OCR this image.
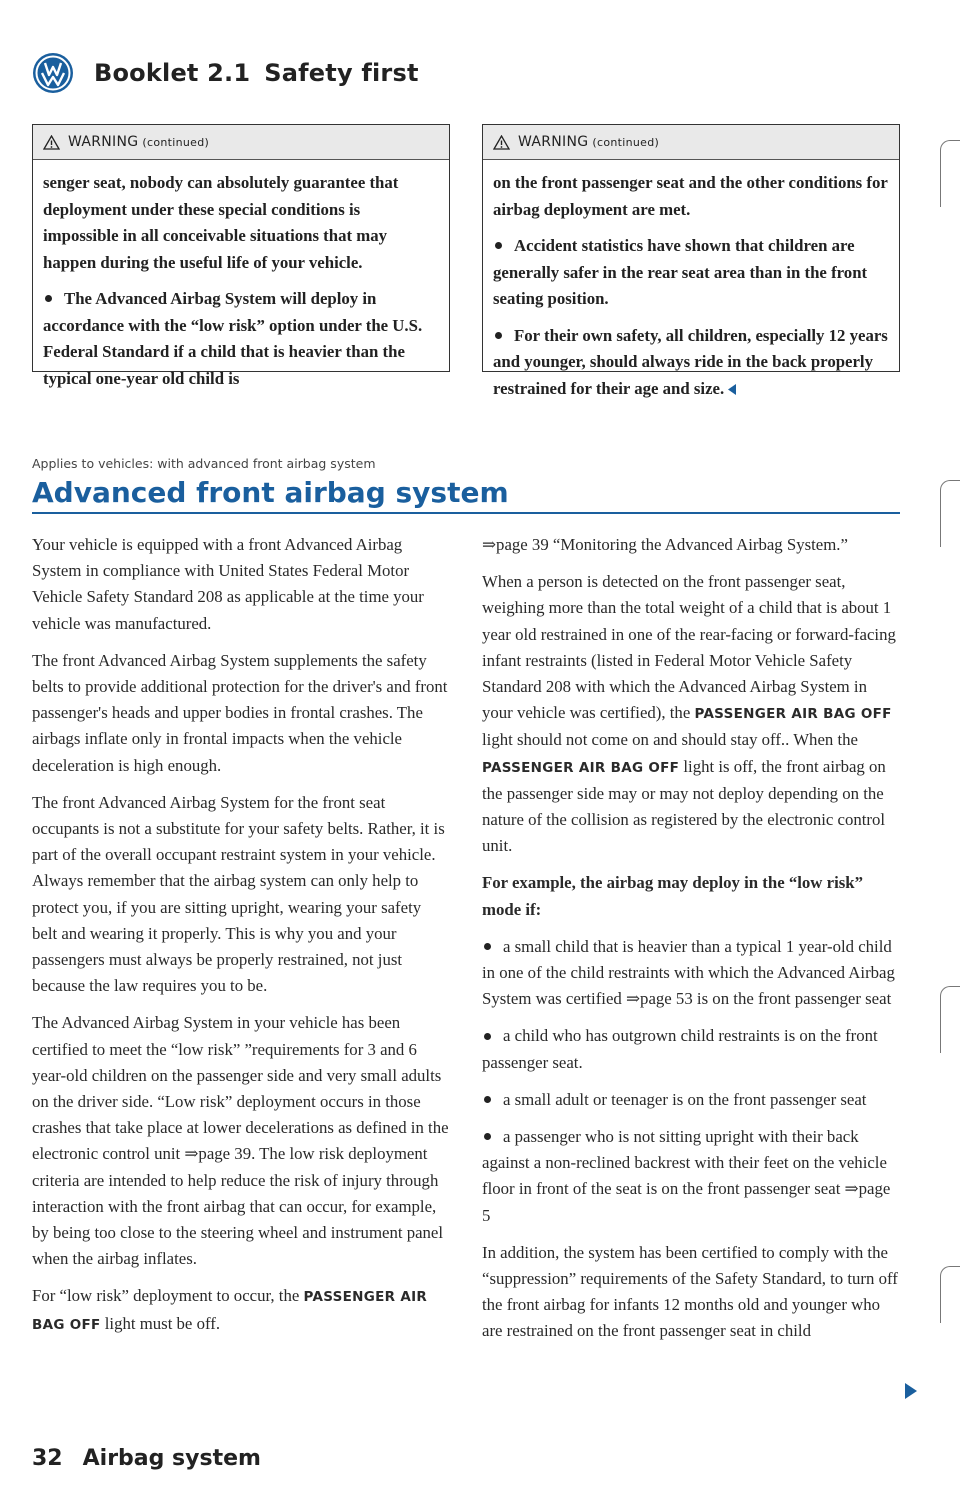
Booklet 2.1 Safety first
WARNING (continued)

senger seat, nobody can absolutely guarantee that deployment under these special conditions is impossible in all conceivable situations that may happen during the useful life of your vehicle.

The Advanced Airbag System will deploy in accordance with the “low risk” option under the U.S. Federal Standard if a child that is heavier than the typical one-year old child is

WARNING (continued)

on the front passenger seat and the other conditions for airbag deployment are met.

Accident statistics have shown that children are generally safer in the rear seat area than in the front seating position.

For their own safety, all children, especially 12 years and younger, should always ride in the back properly restrained for their age and size.

Applies to vehicles: with advanced front airbag system
Advanced front airbag system

Your vehicle is equipped with a front Advanced Airbag System in compliance with United States Federal Motor Vehicle Safety Standard 208 as applicable at the time your vehicle was manufactured.

The front Advanced Airbag System supplements the safety belts to provide additional protection for the driver's and front passenger's heads and upper bodies in frontal crashes. The airbags inflate only in frontal impacts when the vehicle deceleration is high enough.

The front Advanced Airbag System for the front seat occupants is not a substitute for your safety belts. Rather, it is part of the overall occupant restraint system in your vehicle. Always remember that the airbag system can only help to protect you, if you are sitting upright, wearing your safety belt and wearing it properly. This is why you and your passengers must always be properly restrained, not just because the law requires you to be.

The Advanced Airbag System in your vehicle has been certified to meet the “low risk” ”requirements for 3 and 6 year-old children on the passenger side and very small adults on the driver side. “Low risk” deployment occurs in those crashes that take place at lower decelerations as defined in the electronic control unit ⇒page 39. The low risk deployment criteria are intended to help reduce the risk of injury through interaction with the front airbag that can occur, for example, by being too close to the steering wheel and instrument panel when the airbag inflates.

For “low risk” deployment to occur, the PASSENGER AIR BAG OFF light must be off.

⇒page 39 “Monitoring the Advanced Airbag System.”

When a person is detected on the front passenger seat, weighing more than the total weight of a child that is about 1 year old restrained in one of the rear-facing or forward-facing infant restraints (listed in Federal Motor Vehicle Safety Standard 208 with which the Advanced Airbag System in your vehicle was certified), the PASSENGER AIR BAG OFF light should not come on and should stay off.. When the PASSENGER AIR BAG OFF light is off, the front airbag on the passenger side may or may not deploy depending on the nature of the collision as registered by the electronic control unit.

For example, the airbag may deploy in the “low risk” mode if:

a small child that is heavier than a typical 1 year-old child in one of the child restraints with which the Advanced Airbag System was certified ⇒page 53 is on the front passenger seat

a child who has outgrown child restraints is on the front passenger seat.

a small adult or teenager is on the front passenger seat

a passenger who is not sitting upright with their back against a non-reclined backrest with their feet on the vehicle floor in front of the seat is on the front passenger seat ⇒page 5

In addition, the system has been certified to comply with the “suppression” requirements of the Safety Standard, to turn off the front airbag for infants 12 months old and younger who are restrained on the front passenger seat in child

32 Airbag system
